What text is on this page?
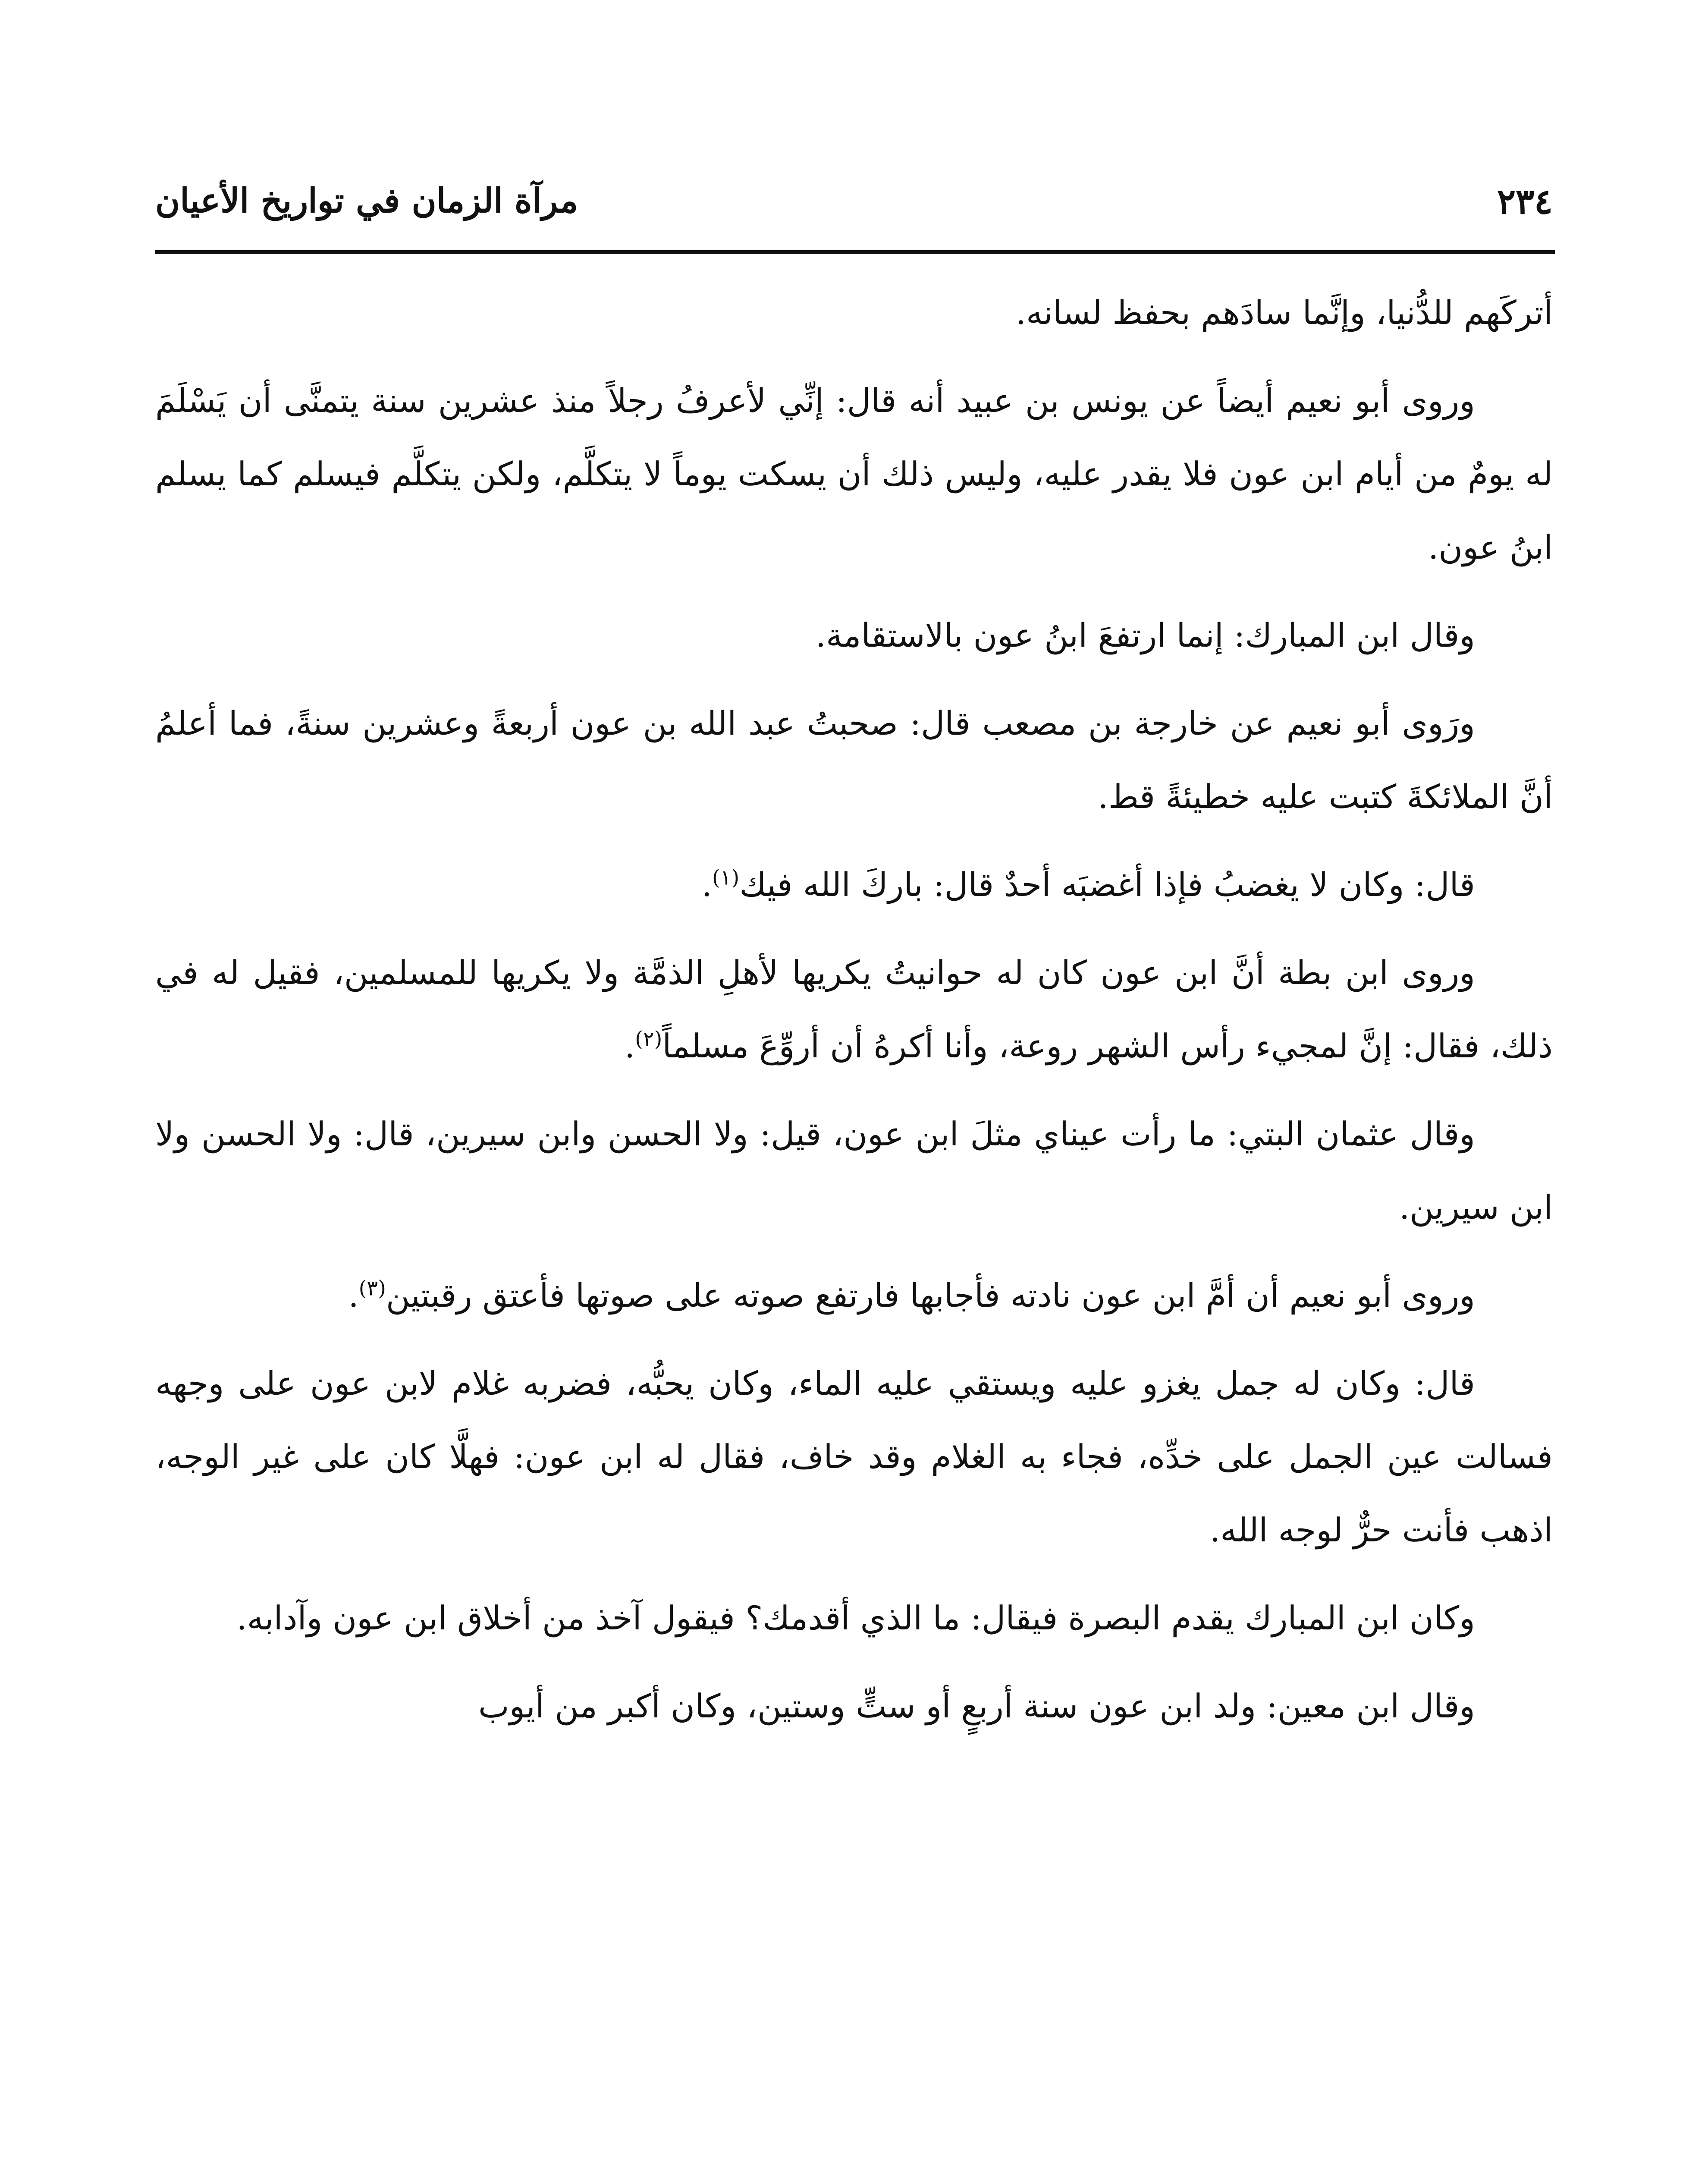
٢٣٤
مرآة الزمان في تواريخ الأعيان

أتركَهم للدُّنيا، وإنَّما سادَهم بحفظ لسانه.

وروى أبو نعيم أيضاً عن يونس بن عبيد أنه قال: إنِّي لأعرفُ رجلاً منذ عشرين سنة يتمنَّى أن يَسْلَمَ له يومٌ من أيام ابن عون فلا يقدر عليه، وليس ذلك أن يسكت يوماً لا يتكلَّم، ولكن يتكلَّم فيسلم كما يسلم ابنُ عون.

وقال ابن المبارك: إنما ارتفعَ ابنُ عون بالاستقامة.

ورَوى أبو نعيم عن خارجة بن مصعب قال: صحبتُ عبد الله بن عون أربعةً وعشرين سنةً، فما أعلمُ أنَّ الملائكةَ كتبت عليه خطيئةً قط.

قال: وكان لا يغضبُ فإذا أغضبَه أحدٌ قال: باركَ الله فيك$^{(١)}$.

وروى ابن بطة أنَّ ابن عون كان له حوانيتُ يكريها لأهلِ الذمَّة ولا يكريها للمسلمين، فقيل له في ذلك، فقال: إنَّ لمجيء رأس الشهر روعة، وأنا أكرهُ أن أروِّعَ مسلماً$^{(٢)}$.

وقال عثمان البتي: ما رأت عيناي مثلَ ابن عون، قيل: ولا الحسن وابن سيرين، قال: ولا الحسن ولا ابن سيرين.

وروى أبو نعيم أن أمَّ ابن عون نادته فأجابها فارتفع صوته على صوتها فأعتق رقبتين$^{(٣)}$.

قال: وكان له جمل يغزو عليه ويستقي عليه الماء، وكان يحبُّه، فضربه غلام لابن عون على وجهه فسالت عين الجمل على خدِّه، فجاء به الغلام وقد خاف، فقال له ابن عون: فهلَّا كان على غير الوجه، اذهب فأنت حرٌّ لوجه الله.

وكان ابن المبارك يقدم البصرة فيقال: ما الذي أقدمك؟ فيقول آخذ من أخلاق ابن عون وآدابه.

وقال ابن معين: ولد ابن عون سنة أربعٍ أو ستٍّ وستين، وكان أكبر من أيوب
